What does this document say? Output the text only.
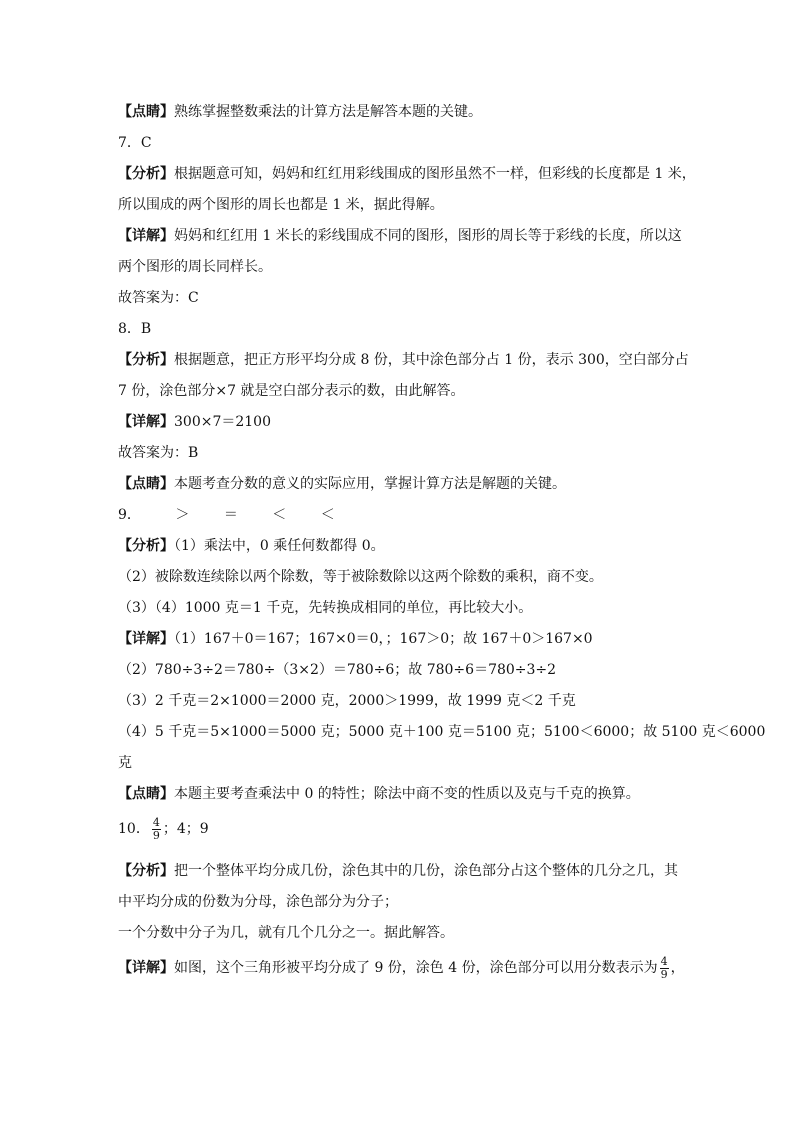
【点睛】熟练掌握整数乘法的计算方法是解答本题的关键。
7．C
【分析】根据题意可知，妈妈和红红用彩线围成的图形虽然不一样，但彩线的长度都是 1 米，
所以围成的两个图形的周长也都是 1 米，据此得解。
【详解】妈妈和红红用 1 米长的彩线围成不同的图形，图形的周长等于彩线的长度，所以这
两个图形的周长同样长。
故答案为：C
8．B
【分析】根据题意，把正方形平均分成 8 份，其中涂色部分占 1 份，表示 300，空白部分占
7 份，涂色部分×7 就是空白部分表示的数，由此解答。
【详解】300×7＝2100
故答案为：B
【点睛】本题考查分数的意义的实际应用，掌握计算方法是解题的关键。
9． ＞ ＝ ＜ ＜
【分析】（1）乘法中，0 乘任何数都得 0。
（2）被除数连续除以两个除数，等于被除数除以这两个除数的乘积，商不变。
（3）（4）1000 克＝1 千克，先转换成相同的单位，再比较大小。
【详解】（1）167＋0＝167；167×0＝0，；167＞0；故 167＋0＞167×0
（2）780÷3÷2＝780÷（3×2）＝780÷6；故 780÷6＝780÷3÷2
（3）2 千克＝2×1000＝2000 克，2000＞1999，故 1999 克＜2 千克
（4）5 千克＝5×1000＝5000 克；5000 克＋100 克＝5100 克；5100＜6000；故 5100 克＜6000
克
【点睛】本题主要考查乘法中 0 的特性；除法中商不变的性质以及克与千克的换算。
10． $\frac{4}{9}$ ；4；9
【分析】把一个整体平均分成几份，涂色其中的几份，涂色部分占这个整体的几分之几，其
中平均分成的份数为分母，涂色部分为分子；
一个分数中分子为几，就有几个几分之一。据此解答。
【详解】如图，这个三角形被平均分成了 9 份，涂色 4 份，涂色部分可以用分数表示为 $\frac{4}{9}$ ，
